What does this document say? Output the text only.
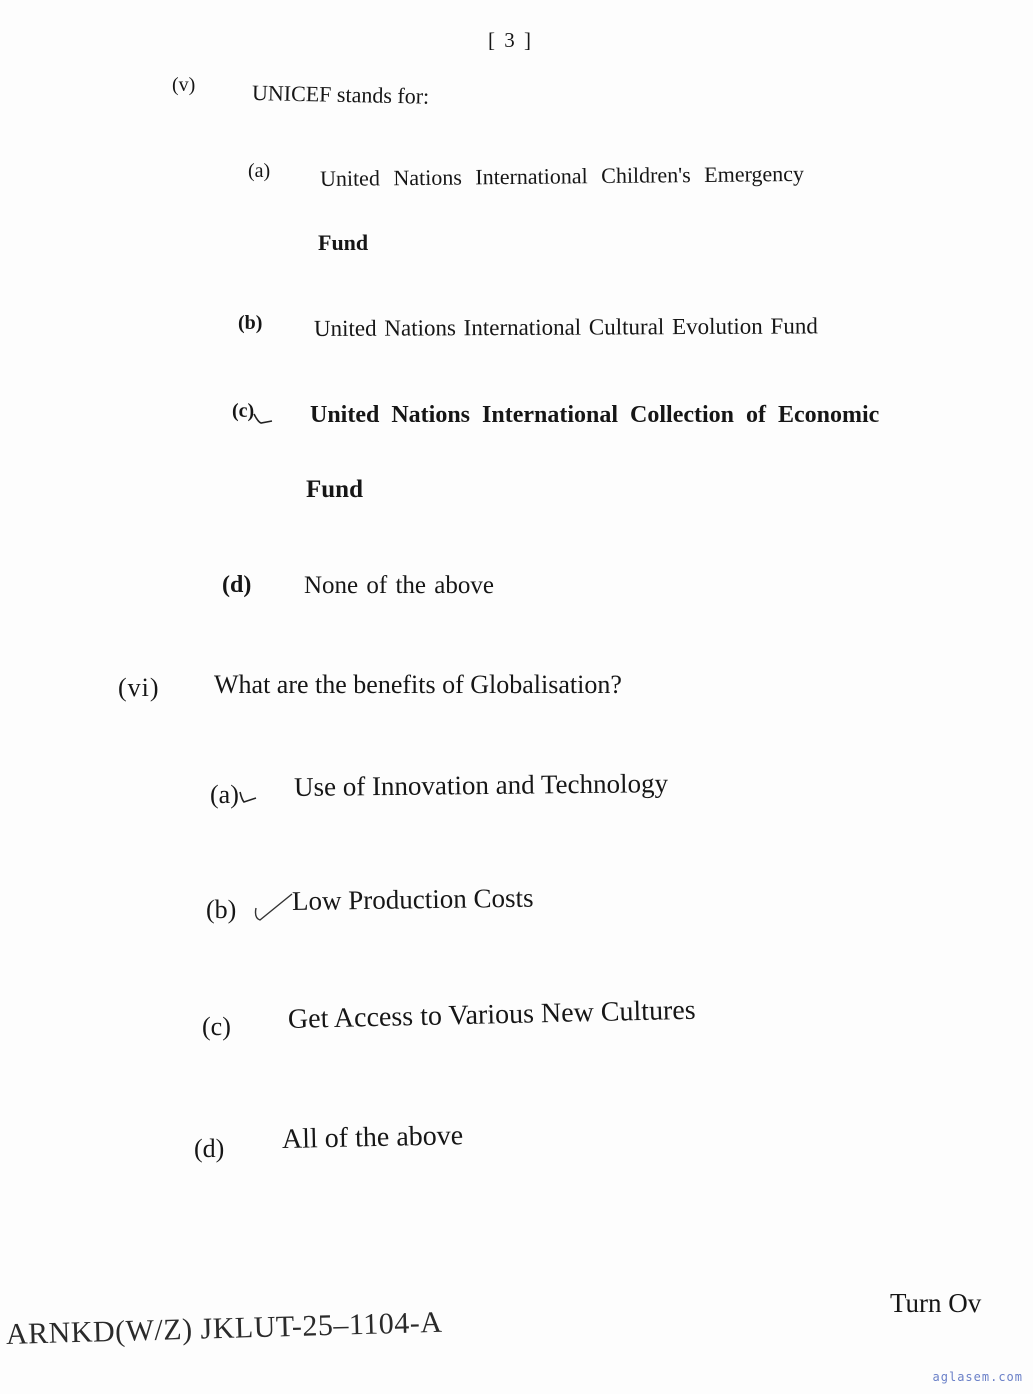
[ 3 ]
(v)	UNICEF stands for:
(a) United Nations International Children's Emergency
Fund
(b) United Nations International Cultural Evolution Fund
(c) United Nations International Collection of Economic
Fund
(d) None of the above
(vi) What are the benefits of Globalisation?
(a) Use of Innovation and Technology
(b) Low Production Costs
(c) Get Access to Various New Cultures
(d) All of the above
Turn Ov
ARNKD(W/Z) JKLUT-25–1104-A
aglasem.com
